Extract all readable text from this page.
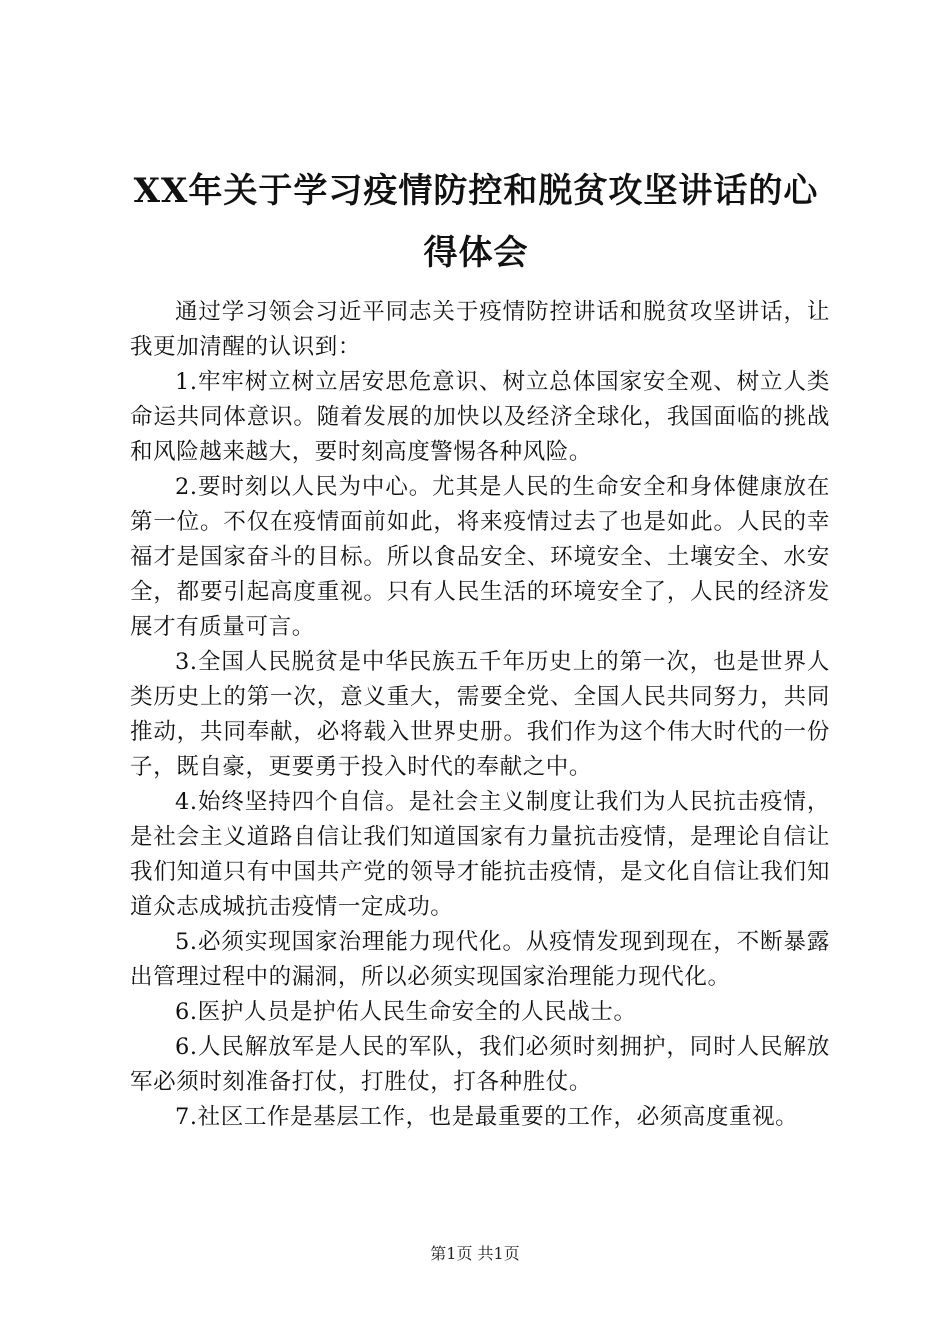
XX年关于学习疫情防控和脱贫攻坚讲话的心得体会

通过学习领会习近平同志关于疫情防控讲话和脱贫攻坚讲话，让我更加清醒的认识到：

1.牢牢树立树立居安思危意识、树立总体国家安全观、树立人类命运共同体意识。随着发展的加快以及经济全球化，我国面临的挑战和风险越来越大，要时刻高度警惕各种风险。

2.要时刻以人民为中心。尤其是人民的生命安全和身体健康放在第一位。不仅在疫情面前如此，将来疫情过去了也是如此。人民的幸福才是国家奋斗的目标。所以食品安全、环境安全、土壤安全、水安全，都要引起高度重视。只有人民生活的环境安全了，人民的经济发展才有质量可言。

3.全国人民脱贫是中华民族五千年历史上的第一次，也是世界人类历史上的第一次，意义重大，需要全党、全国人民共同努力，共同推动，共同奉献，必将载入世界史册。我们作为这个伟大时代的一份子，既自豪，更要勇于投入时代的奉献之中。

4.始终坚持四个自信。是社会主义制度让我们为人民抗击疫情，是社会主义道路自信让我们知道国家有力量抗击疫情，是理论自信让我们知道只有中国共产党的领导才能抗击疫情，是文化自信让我们知道众志成城抗击疫情一定成功。

5.必须实现国家治理能力现代化。从疫情发现到现在，不断暴露出管理过程中的漏洞，所以必须实现国家治理能力现代化。

6.医护人员是护佑人民生命安全的人民战士。

6.人民解放军是人民的军队，我们必须时刻拥护，同时人民解放军必须时刻准备打仗，打胜仗，打各种胜仗。

7.社区工作是基层工作，也是最重要的工作，必须高度重视。

第1页 共1页
